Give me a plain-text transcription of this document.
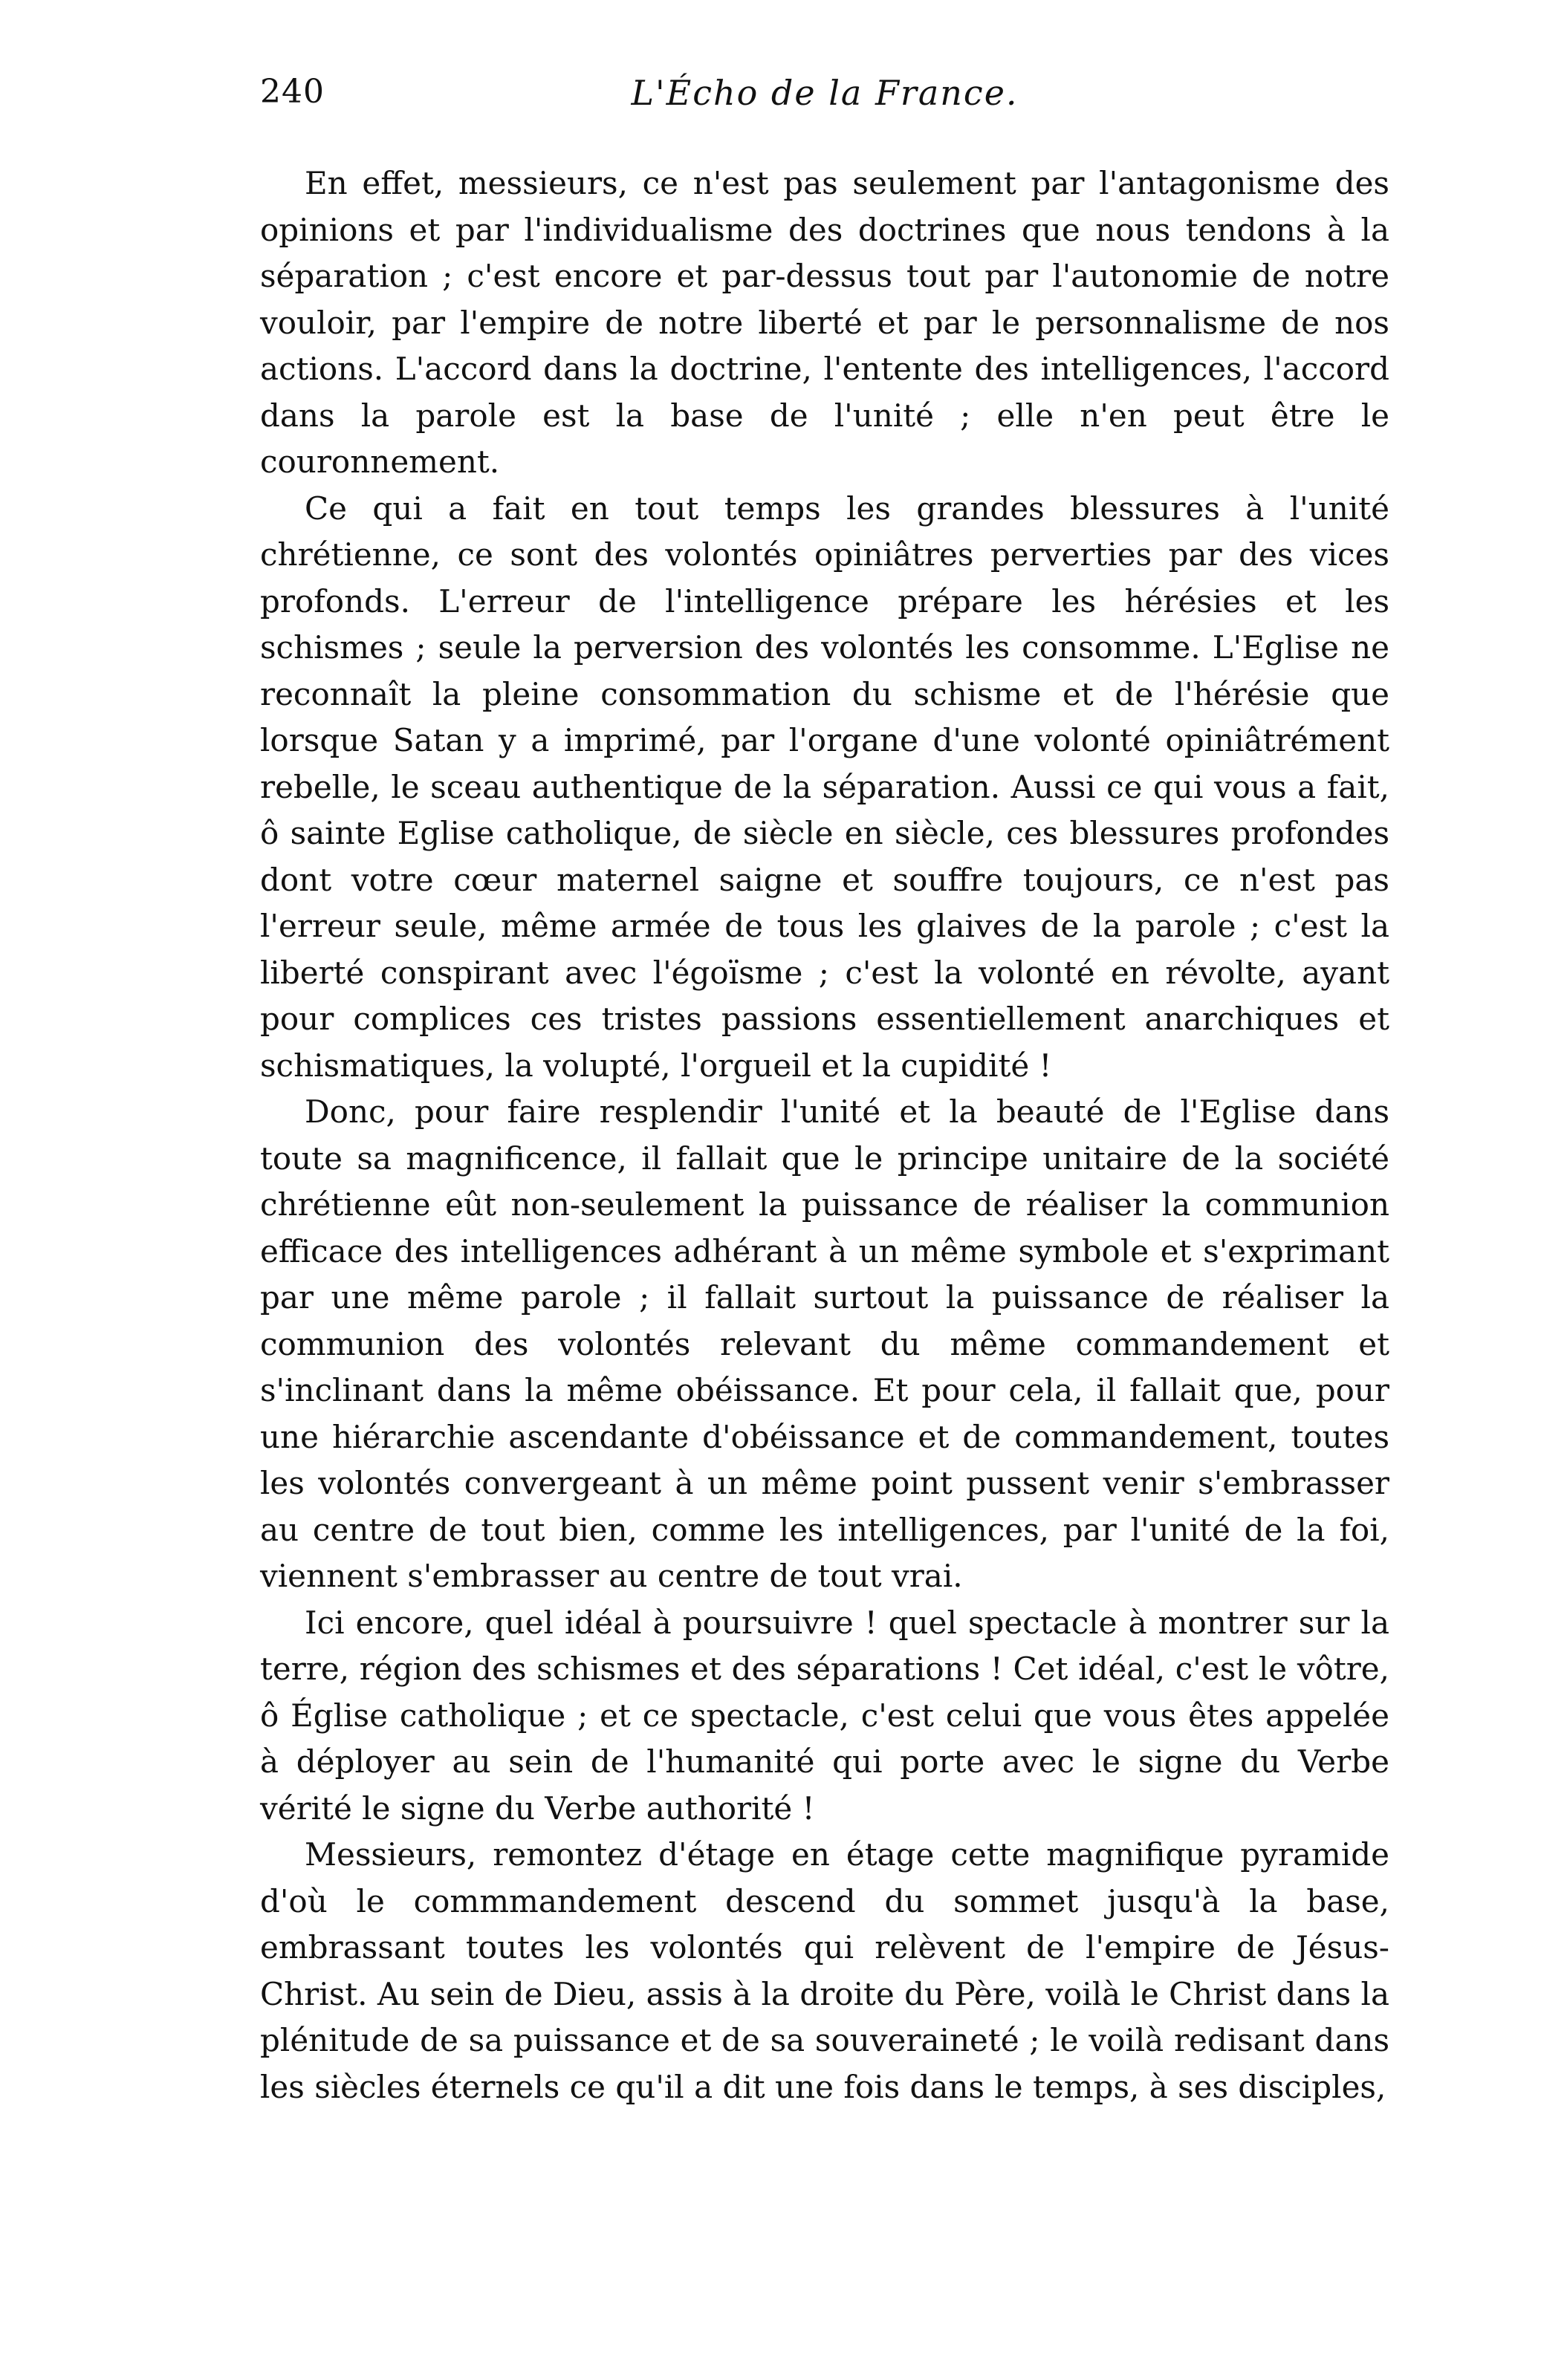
240	L'Écho de la France.

En effet, messieurs, ce n'est pas seulement par l'antagonisme des opinions et par l'individualisme des doctrines que nous tendons à la séparation ; c'est encore et par-dessus tout par l'autonomie de notre vouloir, par l'empire de notre liberté et par le personnalisme de nos actions. L'accord dans la doctrine, l'entente des intelligences, l'accord dans la parole est la base de l'unité ; elle n'en peut être le couronnement.

Ce qui a fait en tout temps les grandes blessures à l'unité chrétienne, ce sont des volontés opiniâtres perverties par des vices profonds. L'erreur de l'intelligence prépare les hérésies et les schismes ; seule la perversion des volontés les consomme. L'Eglise ne reconnaît la pleine consommation du schisme et de l'hérésie que lorsque Satan y a imprimé, par l'organe d'une volonté opiniâtrément rebelle, le sceau authentique de la séparation. Aussi ce qui vous a fait, ô sainte Eglise catholique, de siècle en siècle, ces blessures profondes dont votre cœur maternel saigne et souffre toujours, ce n'est pas l'erreur seule, même armée de tous les glaives de la parole ; c'est la liberté conspirant avec l'égoïsme ; c'est la volonté en révolte, ayant pour complices ces tristes passions essentiellement anarchiques et schismatiques, la volupté, l'orgueil et la cupidité !

Donc, pour faire resplendir l'unité et la beauté de l'Eglise dans toute sa magnificence, il fallait que le principe unitaire de la société chrétienne eût non-seulement la puissance de réaliser la communion efficace des intelligences adhérant à un même symbole et s'exprimant par une même parole ; il fallait surtout la puissance de réaliser la communion des volontés relevant du même commandement et s'inclinant dans la même obéissance. Et pour cela, il fallait que, pour une hiérarchie ascendante d'obéissance et de commandement, toutes les volontés convergeant à un même point pussent venir s'embrasser au centre de tout bien, comme les intelligences, par l'unité de la foi, viennent s'embrasser au centre de tout vrai.

Ici encore, quel idéal à poursuivre ! quel spectacle à montrer sur la terre, région des schismes et des séparations ! Cet idéal, c'est le vôtre, ô Église catholique ; et ce spectacle, c'est celui que vous êtes appelée à déployer au sein de l'humanité qui porte avec le signe du Verbe vérité le signe du Verbe authorité !

Messieurs, remontez d'étage en étage cette magnifique pyramide d'où le commmandement descend du sommet jusqu'à la base, embrassant toutes les volontés qui relèvent de l'empire de Jésus-Christ. Au sein de Dieu, assis à la droite du Père, voilà le Christ dans la plénitude de sa puissance et de sa souveraineté ; le voilà redisant dans les siècles éternels ce qu'il a dit une fois dans le temps, à ses disciples,
